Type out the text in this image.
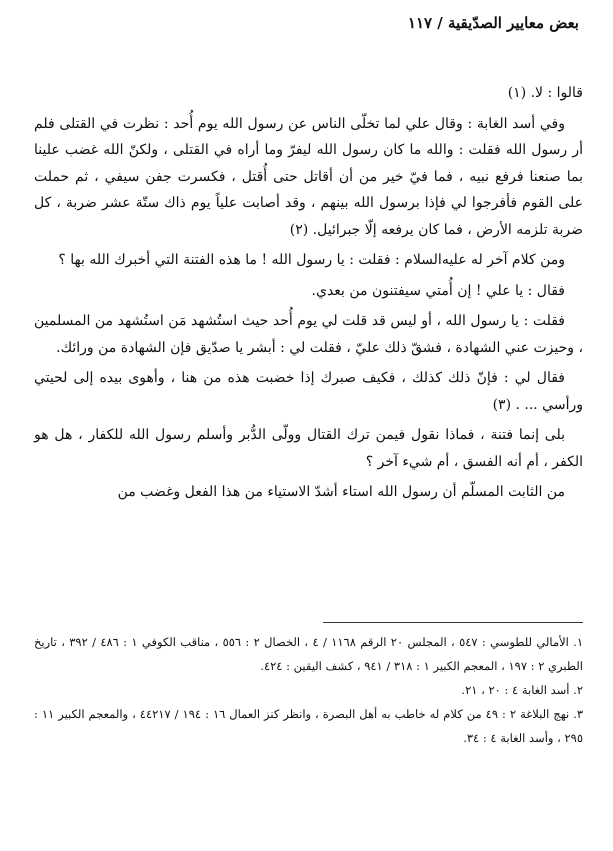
بعض معايير الصدّيقية / ١١٧

قالوا : لا. (١)

وفي أسد الغابة : وقال علي لما تخلّى الناس عن رسول الله يوم أُحد : نظرت في القتلى فلم أر رسول الله فقلت : والله ما كان رسول الله ليفرّ وما أراه في القتلى ، ولكنّ الله غضب علينا بما صنعنا فرفع نبيه ، فما فيّ خير من أن أقاتل حتى أُقتل ، فكسرت جفن سيفي ، ثم حملت على القوم فأفرجوا لي فإذا برسول الله بينهم ، وقد أصابت علياً يوم ذاك ستّة عشر ضربة ، كل ضربة تلزمه الأرض ، فما كان يرفعه إلّا جبرائيل. (٢)

ومن كلام آخر له عليه‌السلام : فقلت : يا رسول الله ! ما هذه الفتنة التي أخبرك الله بها ؟

فقال : يا علي ! إن أُمتي سيفتنون من بعدي.

فقلت : يا رسول الله ، أو ليس قد قلت لي يوم أُحد حيث استُشهد مَن استُشهد من المسلمين ، وحيزت عني الشهادة ، فشقّ ذلك عليّ ، فقلت لي : أبشر يا صدّيق فإن الشهادة من ورائك.

فقال لي : فإنّ ذلك كذلك ، فكيف صبرك إذا خضبت هذه من هنا ، وأهوى بيده إلى لحيتي ورأسي ... . (٣)

بلى إنما فتنة ، فماذا نقول فيمن ترك القتال وولّى الدُّبر وأسلم رسول الله للكفار ، هل هو الكفر ، أم أنه الفسق ، أم شيء آخر ؟

من الثابت المسلّم أن رسول الله استاء أشدّ الاستياء من هذا الفعل وغضب من

١. الأمالي للطوسي : ٥٤٧ ، المجلس ٢٠ الرقم ١١٦٨ / ٤ ، الخصال ٢ : ٥٥٦ ، مناقب الكوفي ١ : ٤٨٦ / ٣٩٢ ، تاريخ الطبري ٢ : ١٩٧ ، المعجم الكبير ١ : ٣١٨ / ٩٤١ ، كشف اليقين : ٤٢٤.
٢. أسد الغابة ٤ : ٢٠ ، ٢١.
٣. نهج البلاغة ٢ : ٤٩ من كلام له خاطب به أهل البصرة ، وانظر كنز العمال ١٦ : ١٩٤ / ٤٤٢١٧ ، والمعجم الكبير ١١ : ٢٩٥ ، وأسد الغابة ٤ : ٣٤.
